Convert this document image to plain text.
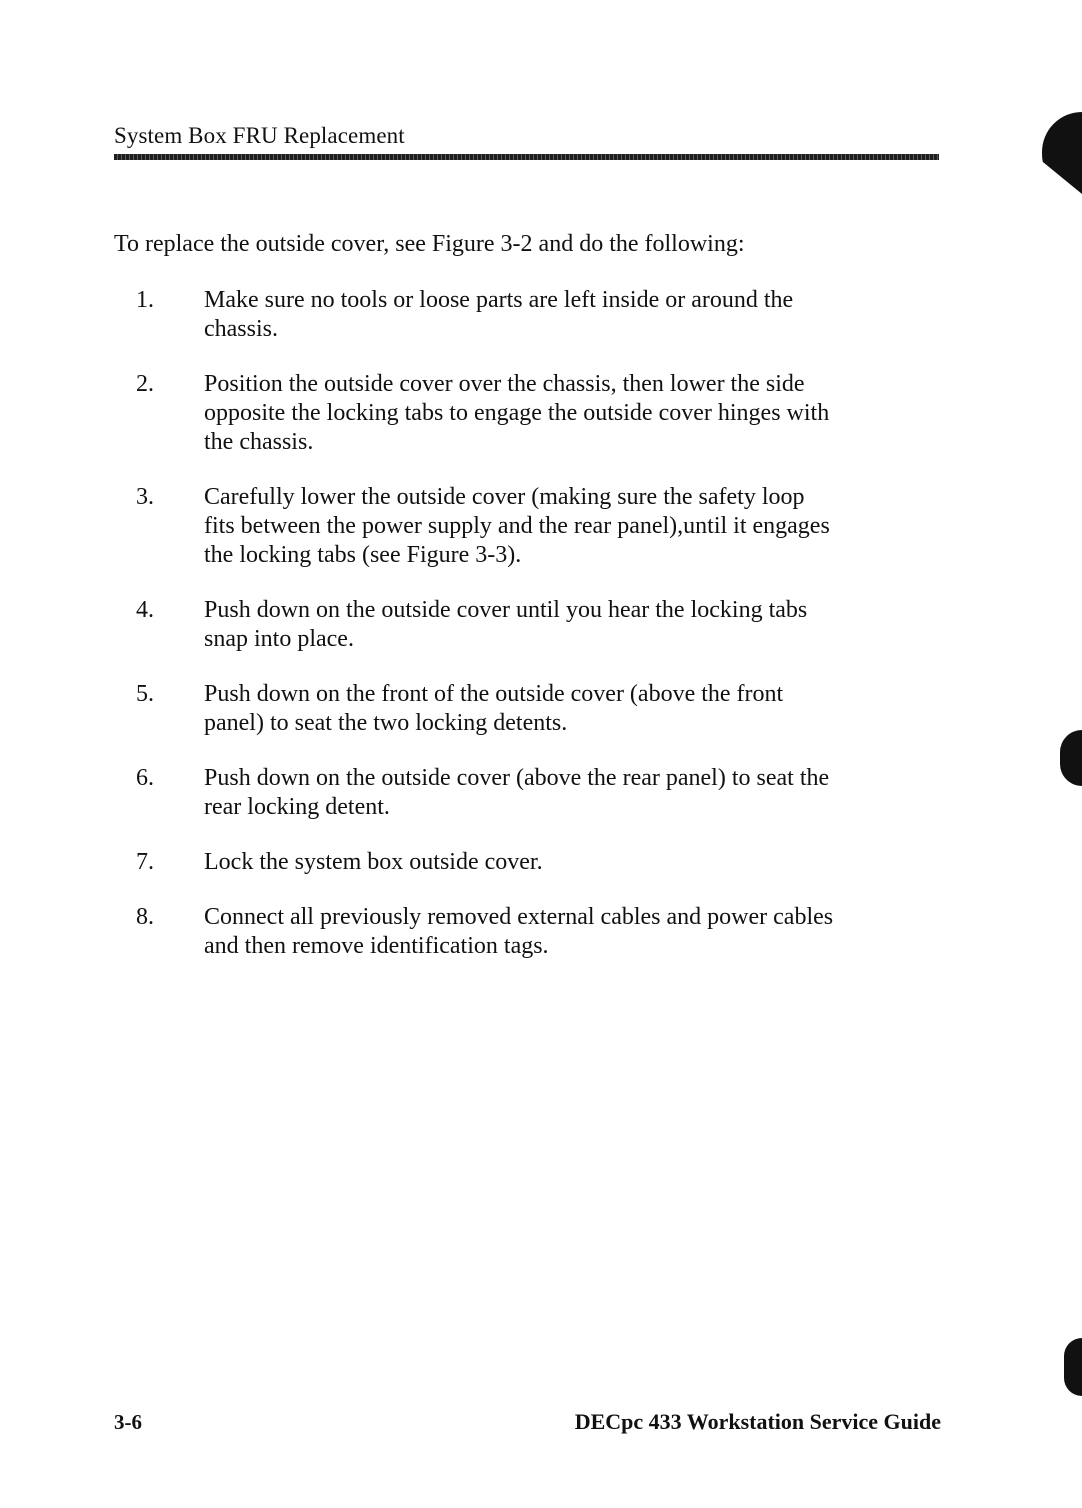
System Box FRU Replacement
To replace the outside cover, see Figure 3-2 and do the following:
1.	Make sure no tools or loose parts are left inside or around the chassis.
2.	Position the outside cover over the chassis, then lower the side opposite the locking tabs to engage the outside cover hinges with the chassis.
3.	Carefully lower the outside cover (making sure the safety loop fits between the power supply and the rear panel),until it engages the locking tabs (see Figure 3-3).
4.	Push down on the outside cover until you hear the locking tabs snap into place.
5.	Push down on the front of the outside cover (above the front panel) to seat the two locking detents.
6.	Push down on the outside cover (above the rear panel) to seat the rear locking detent.
7.	Lock the system box outside cover.
8.	Connect all previously removed external cables and power cables and then remove identification tags.
3-6	DECpc 433 Workstation Service Guide
